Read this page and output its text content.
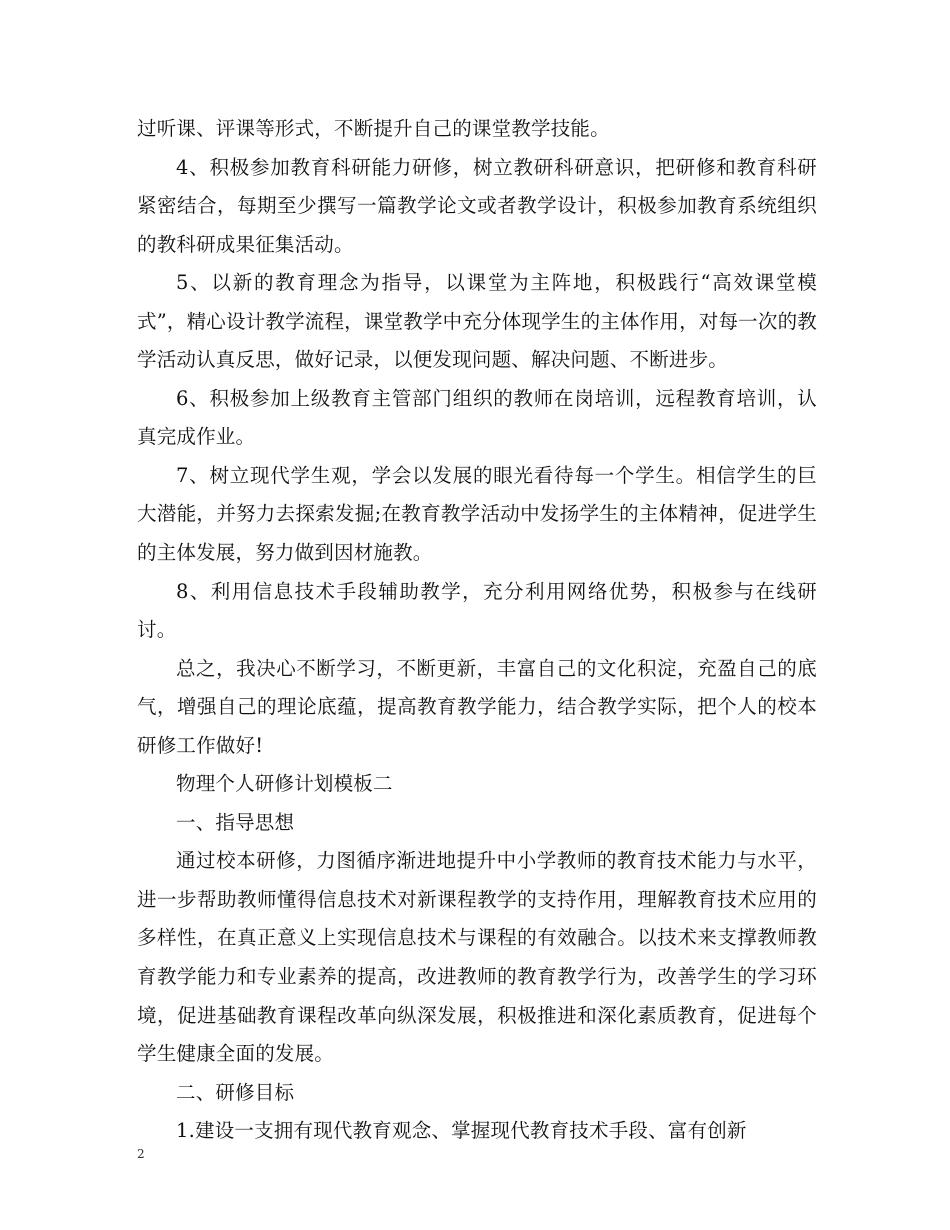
过听课、评课等形式，不断提升自己的课堂教学技能。

4、积极参加教育科研能力研修，树立教研科研意识，把研修和教育科研紧密结合，每期至少撰写一篇教学论文或者教学设计，积极参加教育系统组织的教科研成果征集活动。

5、以新的教育理念为指导，以课堂为主阵地，积极践行“高效课堂模式”，精心设计教学流程，课堂教学中充分体现学生的主体作用，对每一次的教学活动认真反思，做好记录，以便发现问题、解决问题、不断进步。

6、积极参加上级教育主管部门组织的教师在岗培训，远程教育培训，认真完成作业。

7、树立现代学生观，学会以发展的眼光看待每一个学生。相信学生的巨大潜能，并努力去探索发掘;在教育教学活动中发扬学生的主体精神，促进学生的主体发展，努力做到因材施教。

8、利用信息技术手段辅助教学，充分利用网络优势，积极参与在线研讨。

总之，我决心不断学习，不断更新，丰富自己的文化积淀，充盈自己的底气，增强自己的理论底蕴，提高教育教学能力，结合教学实际，把个人的校本研修工作做好!

物理个人研修计划模板二

一、指导思想

通过校本研修，力图循序渐进地提升中小学教师的教育技术能力与水平，进一步帮助教师懂得信息技术对新课程教学的支持作用，理解教育技术应用的多样性，在真正意义上实现信息技术与课程的有效融合。以技术来支撑教师教育教学能力和专业素养的提高，改进教师的教育教学行为，改善学生的学习环境，促进基础教育课程改革向纵深发展，积极推进和深化素质教育，促进每个学生健康全面的发展。

二、研修目标

1.建设一支拥有现代教育观念、掌握现代教育技术手段、富有创新

2
